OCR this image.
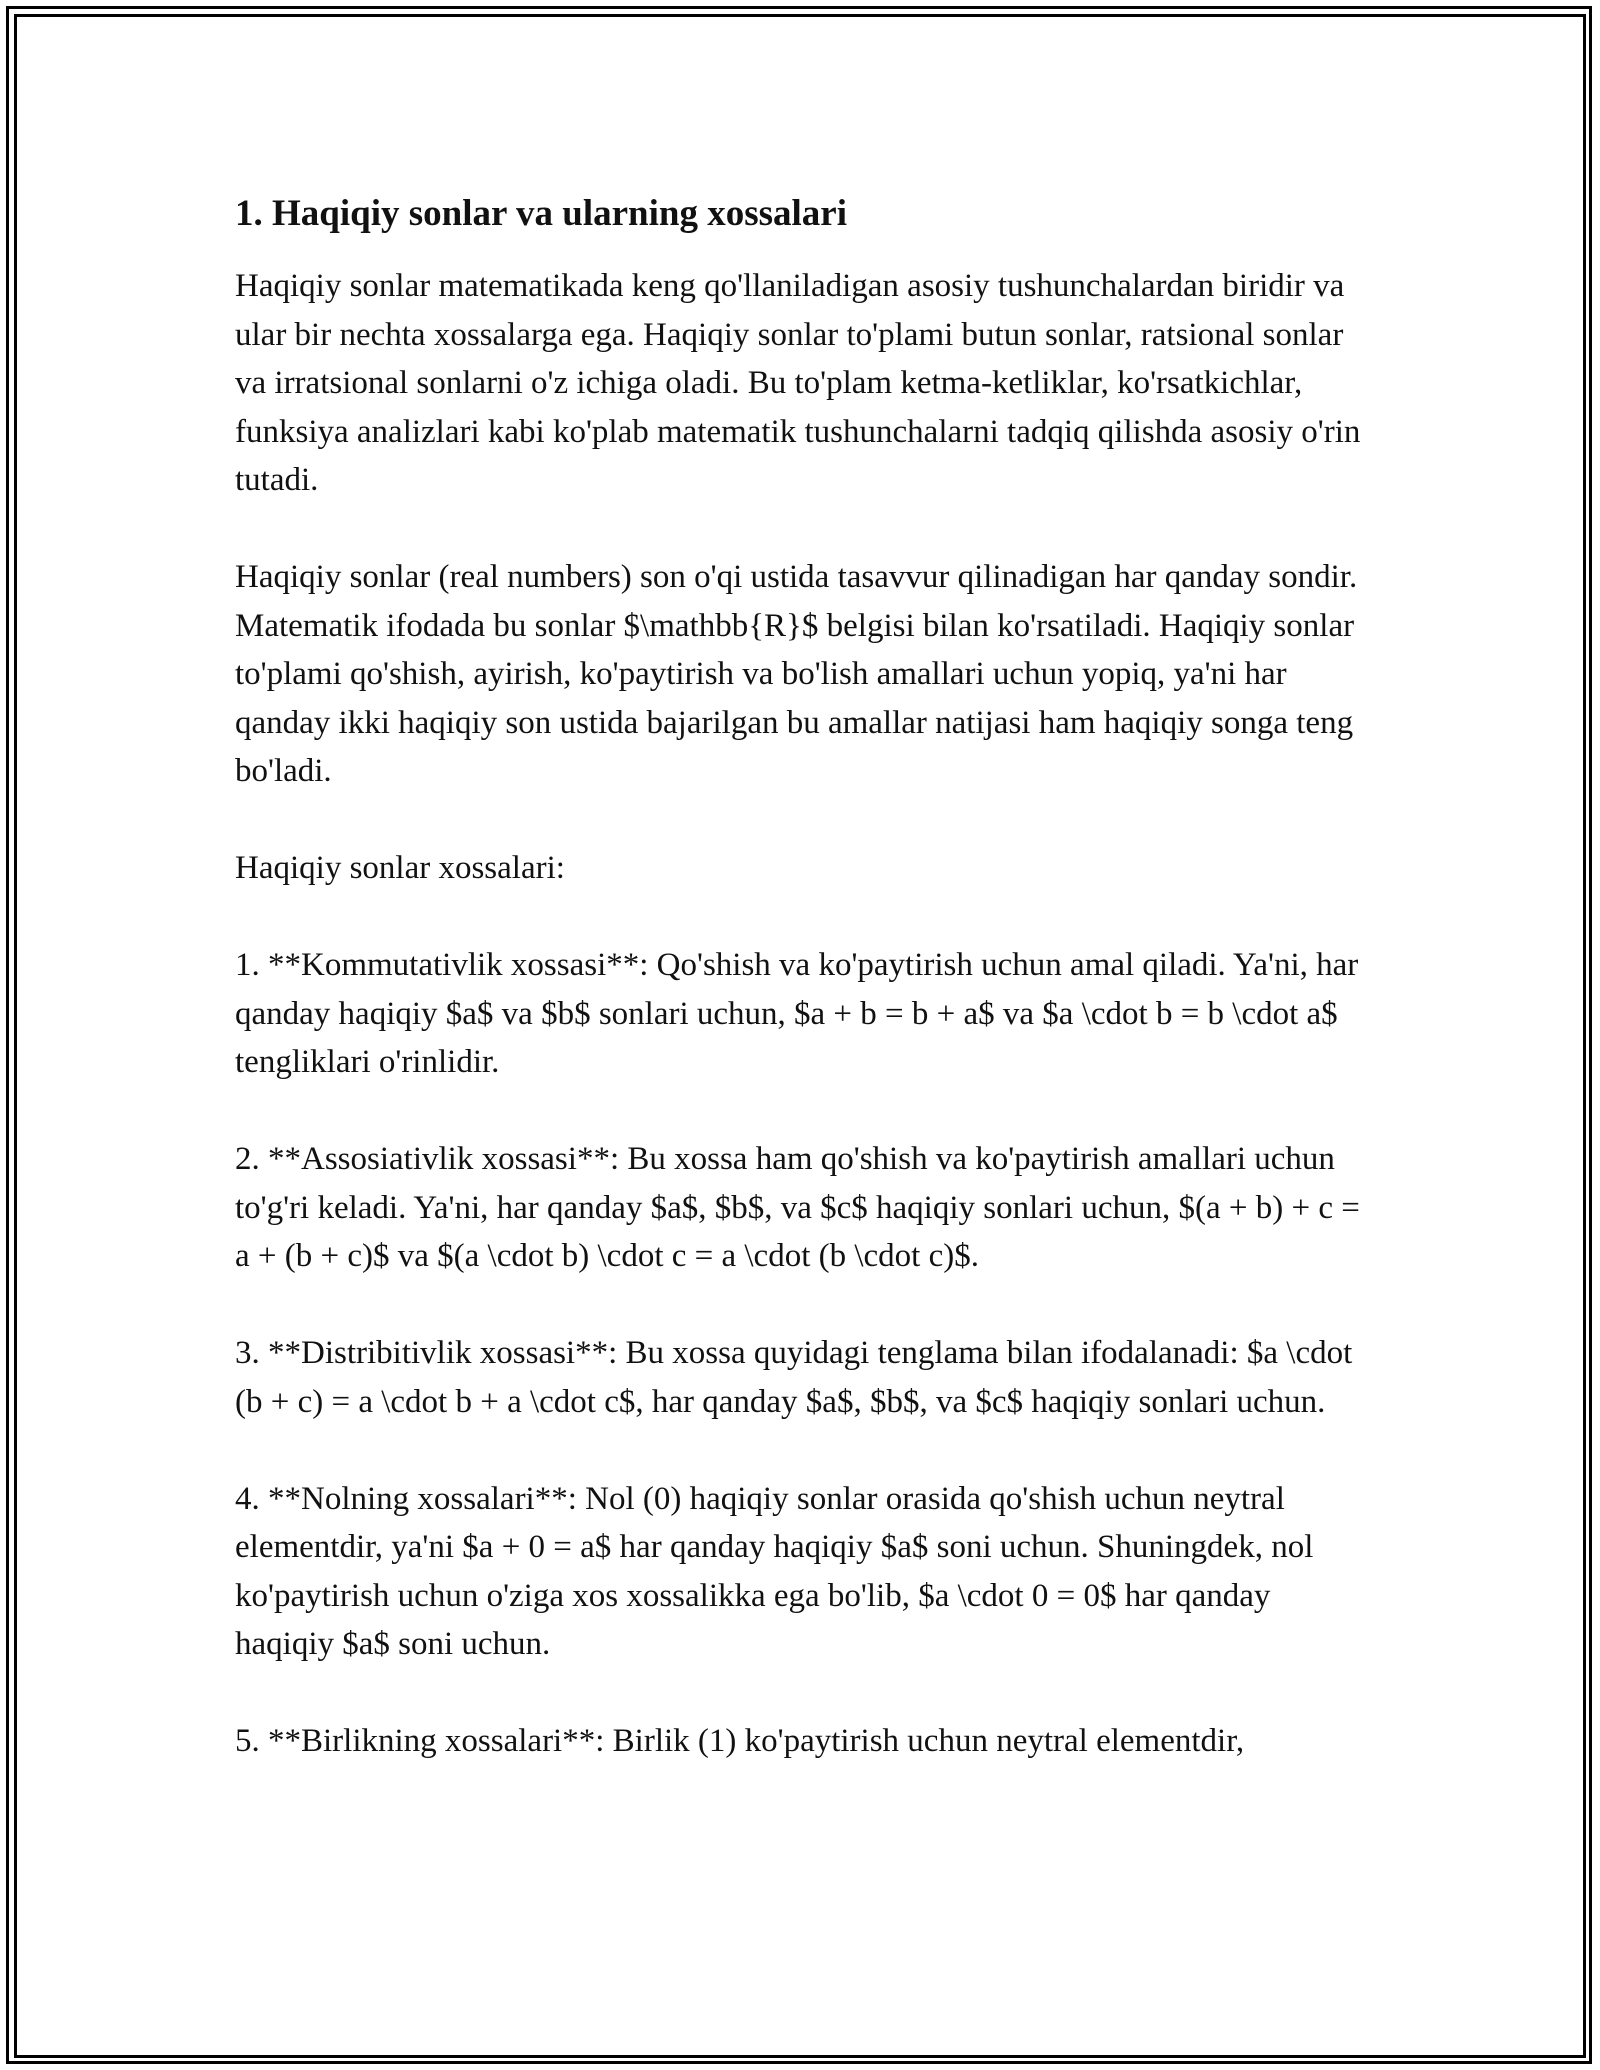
1. Haqiqiy sonlar va ularning xossalari

Haqiqiy sonlar matematikada keng qo'llaniladigan asosiy tushunchalardan biridir va ular bir nechta xossalarga ega. Haqiqiy sonlar to'plami butun sonlar, ratsional sonlar va irratsional sonlarni o'z ichiga oladi. Bu to'plam ketma-ketliklar, ko'rsatkichlar, funksiya analizlari kabi ko'plab matematik tushunchalarni tadqiq qilishda asosiy o'rin tutadi.

Haqiqiy sonlar (real numbers) son o'qi ustida tasavvur qilinadigan har qanday sondir. Matematik ifodada bu sonlar $\mathbb{R}$ belgisi bilan ko'rsatiladi. Haqiqiy sonlar to'plami qo'shish, ayirish, ko'paytirish va bo'lish amallari uchun yopiq, ya'ni har qanday ikki haqiqiy son ustida bajarilgan bu amallar natijasi ham haqiqiy songa teng bo'ladi.

Haqiqiy sonlar xossalari:

1. **Kommutativlik xossasi**: Qo'shish va ko'paytirish uchun amal qiladi. Ya'ni, har qanday haqiqiy $a$ va $b$ sonlari uchun, $a + b = b + a$ va $a \cdot b = b \cdot a$ tengliklari o'rinlidir.

2. **Assosiativlik xossasi**: Bu xossa ham qo'shish va ko'paytirish amallari uchun to'g'ri keladi. Ya'ni, har qanday $a$, $b$, va $c$ haqiqiy sonlari uchun, $(a + b) + c = a + (b + c)$ va $(a \cdot b) \cdot c = a \cdot (b \cdot c)$.

3. **Distribitivlik xossasi**: Bu xossa quyidagi tenglama bilan ifodalanadi: $a \cdot (b + c) = a \cdot b + a \cdot c$, har qanday $a$, $b$, va $c$ haqiqiy sonlari uchun.

4. **Nolning xossalari**: Nol (0) haqiqiy sonlar orasida qo'shish uchun neytral elementdir, ya'ni $a + 0 = a$ har qanday haqiqiy $a$ soni uchun. Shuningdek, nol ko'paytirish uchun o'ziga xos xossalikka ega bo'lib, $a \cdot 0 = 0$ har qanday haqiqiy $a$ soni uchun.

5. **Birlikning xossalari**: Birlik (1) ko'paytirish uchun neytral elementdir,
